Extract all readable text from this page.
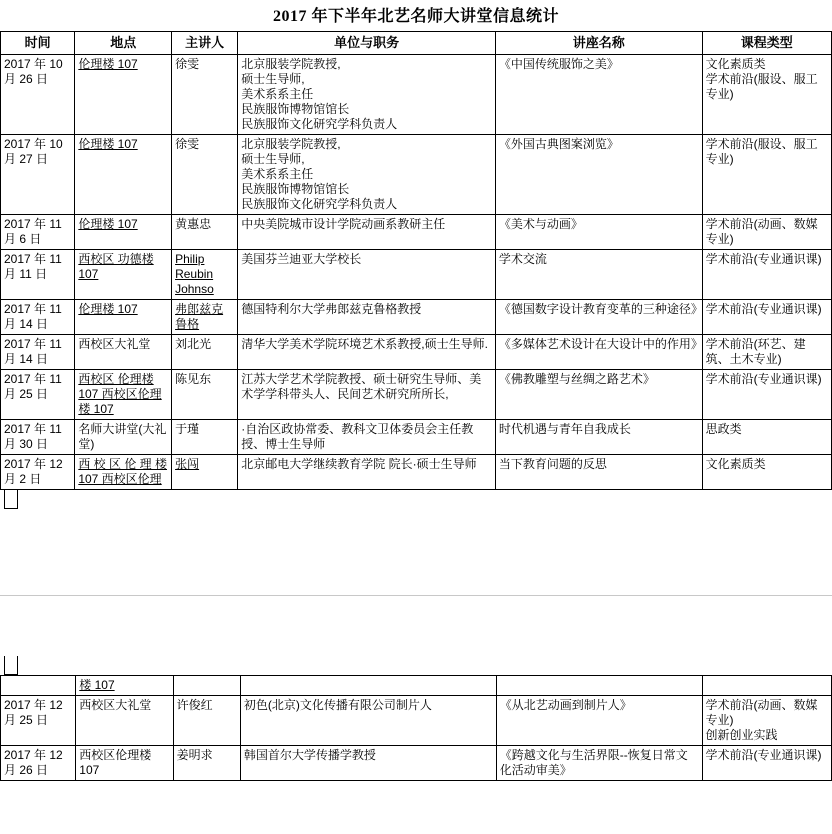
2017 年下半年北艺名师大讲堂信息统计
时间	地点	主讲人	单位与职务	讲座名称	课程类型
2017 年 10 月 26 日	伦理楼 107	徐雯	北京服装学院教授,
硕士生导师,
美术系系主任
民族服饰博物馆馆长
民族服饰文化研究学科负责人	《中国传统服饰之美》	文化素质类
学术前沿(服设、服工专业)

2017 年 10 月 27 日	伦理楼 107	徐雯	北京服装学院教授,
硕士生导师,
美术系系主任
民族服饰博物馆馆长
民族服饰文化研究学科负责人	《外国古典图案浏览》	学术前沿(服设、服工专业)

2017 年 11 月 6 日	伦理楼 107	黄惠忠	中央美院城市设计学院动画系教研主任	《美术与动画》	学术前沿(动画、数媒专业)

2017 年 11 月 11 日	西校区 功德楼 107	Philip Reubin Johnso	美国芬兰迪亚大学校长	学术交流	学术前沿(专业通识课)

2017 年 11 月 14 日	伦理楼 107	弗郎兹克鲁格	德国特利尔大学弗郎兹克鲁格教授	《德国数字设计教育变革的三种途径》	学术前沿(专业通识课)

2017 年 11 月 14 日	西校区大礼堂	刘北光	清华大学美术学院环境艺术系教授,硕士生导师.	《多媒体艺术设计在大设计中的作用》	学术前沿(环艺、建筑、土木专业)

2017 年 11 月 25 日	西校区 伦理楼 107 西校区伦理楼 107	陈见东	江苏大学艺术学院教授、硕士研究生导师、美术学学科带头人、民间艺术研究所所长,	《佛教雕塑与丝绸之路艺术》	学术前沿(专业通识课)

2017 年 11 月 30 日	名师大讲堂(大礼堂)	于瑾	·自治区政协常委、教科文卫体委员会主任教授、博士生导师	时代机遇与青年自我成长	思政类

2017 年 12 月 2 日	西 校 区 伦 理 楼 107 西校区伦理	张闯	北京邮电大学继续教育学院 院长·硕士生导师	当下教育问题的反思	文化素质类
	楼 107		

2017 年 12 月 25 日	西校区大礼堂	许俊红	初色(北京)文化传播有限公司制片人	《从北艺动画到制片人》	学术前沿(动画、数媒专业)
创新创业实践

2017 年 12 月 26 日	西校区伦理楼 107	姜明求	韩国首尔大学传播学教授	《跨越文化与生活界限--恢复日常文化活动审美》	学术前沿(专业通识课)
